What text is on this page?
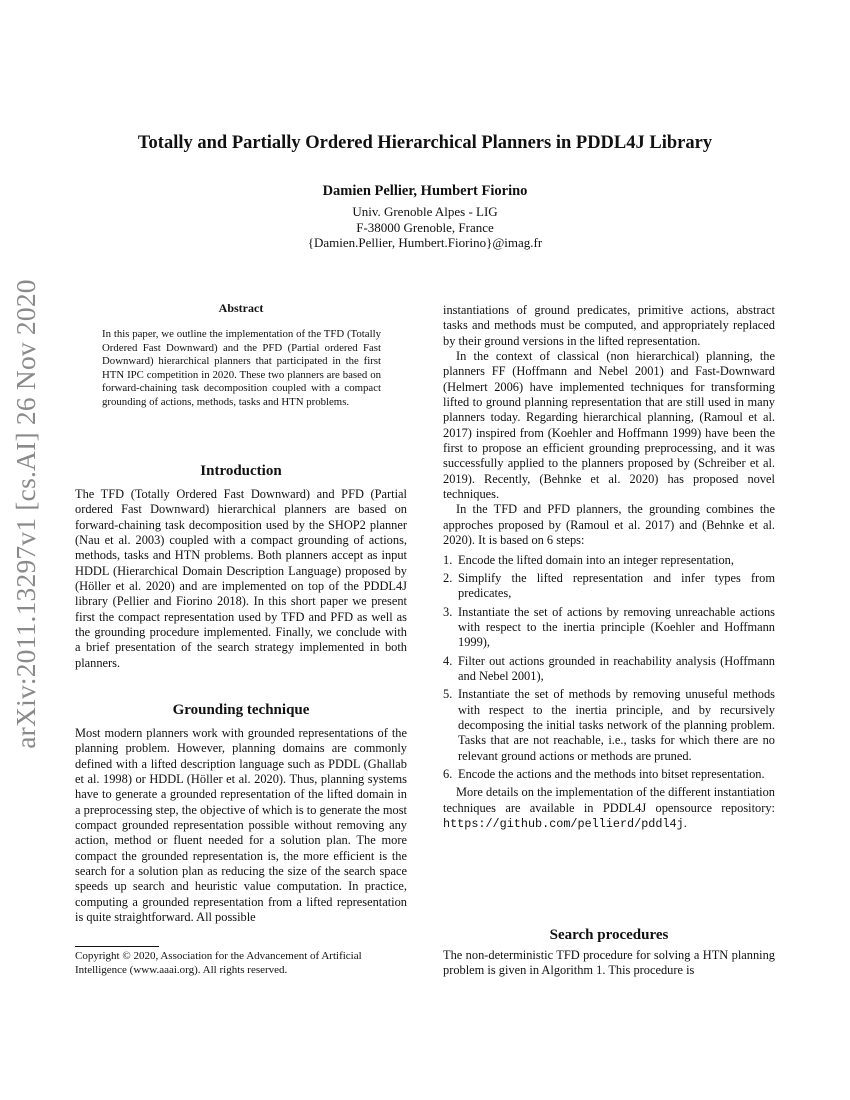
arXiv:2011.13297v1 [cs.AI] 26 Nov 2020
Totally and Partially Ordered Hierarchical Planners in PDDL4J Library
Damien Pellier, Humbert Fiorino
Univ. Grenoble Alpes - LIG
F-38000 Grenoble, France
{Damien.Pellier, Humbert.Fiorino}@imag.fr
Abstract

In this paper, we outline the implementation of the TFD (Totally Ordered Fast Downward) and the PFD (Partial ordered Fast Downward) hierarchical planners that participated in the first HTN IPC competition in 2020. These two planners are based on forward-chaining task decomposition coupled with a compact grounding of actions, methods, tasks and HTN problems.

Introduction

The TFD (Totally Ordered Fast Downward) and PFD (Partial ordered Fast Downward) hierarchical planners are based on forward-chaining task decomposition used by the SHOP2 planner (Nau et al. 2003) coupled with a compact grounding of actions, methods, tasks and HTN problems. Both planners accept as input HDDL (Hierarchical Domain Description Language) proposed by (Höller et al. 2020) and are implemented on top of the PDDL4J library (Pellier and Fiorino 2018). In this short paper we present first the compact representation used by TFD and PFD as well as the grounding procedure implemented. Finally, we conclude with a brief presentation of the search strategy implemented in both planners.

Grounding technique

Most modern planners work with grounded representations of the planning problem. However, planning domains are commonly defined with a lifted description language such as PDDL (Ghallab et al. 1998) or HDDL (Höller et al. 2020). Thus, planning systems have to generate a grounded representation of the lifted domain in a preprocessing step, the objective of which is to generate the most compact grounded representation possible without removing any action, method or fluent needed for a solution plan. The more compact the grounded representation is, the more efficient is the search for a solution plan as reducing the size of the search space speeds up search and heuristic value computation. In practice, computing a grounded representation from a lifted representation is quite straightforward. All possible

Copyright © 2020, Association for the Advancement of Artificial Intelligence (www.aaai.org). All rights reserved.

instantiations of ground predicates, primitive actions, abstract tasks and methods must be computed, and appropriately replaced by their ground versions in the lifted representation.

In the context of classical (non hierarchical) planning, the planners FF (Hoffmann and Nebel 2001) and Fast-Downward (Helmert 2006) have implemented techniques for transforming lifted to ground planning representation that are still used in many planners today. Regarding hierarchical planning, (Ramoul et al. 2017) inspired from (Koehler and Hoffmann 1999) have been the first to propose an efficient grounding preprocessing, and it was successfully applied to the planners proposed by (Schreiber et al. 2019). Recently, (Behnke et al. 2020) has proposed novel techniques.

In the TFD and PFD planners, the grounding combines the approches proposed by (Ramoul et al. 2017) and (Behnke et al. 2020). It is based on 6 steps:

1. Encode the lifted domain into an integer representation,
2. Simplify the lifted representation and infer types from predicates,
3. Instantiate the set of actions by removing unreachable actions with respect to the inertia principle (Koehler and Hoffmann 1999),
4. Filter out actions grounded in reachability analysis (Hoffmann and Nebel 2001),
5. Instantiate the set of methods by removing unuseful methods with respect to the inertia principle, and by recursively decomposing the initial tasks network of the planning problem. Tasks that are not reachable, i.e., tasks for which there are no relevant ground actions or methods are pruned.
6. Encode the actions and the methods into bitset representation.

More details on the implementation of the different instantiation techniques are available in PDDL4J opensource repository: https://github.com/pellierd/pddl4j.

Search procedures

The non-deterministic TFD procedure for solving a HTN planning problem is given in Algorithm 1. This procedure is
